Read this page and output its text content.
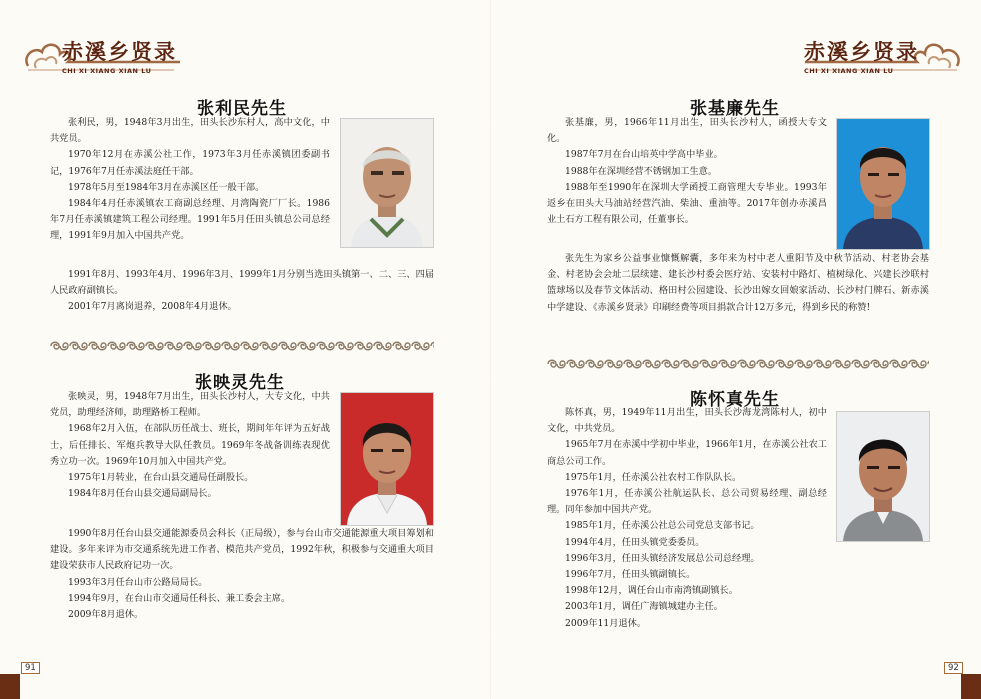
赤溪乡贤录
CHI XI XIANG XIAN LU
张利民先生

张利民，男，1948年3月出生，田头长沙东村人，高中文化，中共党员。

1970年12月在赤溪公社工作，1973年3月任赤溪镇团委副书记，1976年7月任赤溪法庭任干部。

1978年5月至1984年3月在赤溪区任一般干部。

1984年4月任赤溪镇农工商副总经理、月湾陶瓷厂厂长。1986年7月任赤溪镇建筑工程公司经理。1991年5月任田头镇总公司总经理，1991年9月加入中国共产党。

1991年8月、1993年4月、1996年3月、1999年1月分别当选田头镇第一、二、三、四届人民政府副镇长。

2001年7月离岗退养，2008年4月退休。

张映灵先生

张映灵，男，1948年7月出生，田头长沙村人，大专文化，中共党员，助理经济师，助理路桥工程师。

1968年2月入伍，在部队历任战士、班长，期间年年评为五好战士，后任排长、军炮兵教导大队任教员。1969年冬战备训练表现优秀立功一次。1969年10月加入中国共产党。

1975年1月转业，在台山县交通局任副股长。

1984年8月任台山县交通局副局长。

1990年8月任台山县交通能源委员会科长（正局级），参与台山市交通能源重大项目筹划和建设。多年来评为市交通系统先进工作者、模范共产党员，1992年秋，积极参与交通重大项目建设荣获市人民政府记功一次。

1993年3月任台山市公路局局长。

1994年9月，在台山市交通局任科长、兼工委会主席。

2009年8月退休。

91
赤溪乡贤录
CHI XI XIANG XIAN LU
张基廉先生

张基廉，男，1966年11月出生，田头长沙村人，函授大专文化。

1987年7月在台山培英中学高中毕业。

1988年在深圳经营不锈钢加工生意。

1988年至1990年在深圳大学函授工商管理大专毕业。1993年返乡在田头大马油站经营汽油、柴油、重油等。2017年创办赤溪昌业土石方工程有限公司，任董事长。

张先生为家乡公益事业慷慨解囊，多年来为村中老人重阳节及中秋节活动、村老协会基金、村老协会会址二层续建、建长沙村委会医疗站、安装村中路灯、植树绿化、兴建长沙联村篮球场以及春节文体活动、格田村公园建设、长沙出嫁女回娘家活动、长沙村门牌石、新赤溪中学建设、《赤溪乡贤录》印刷经费等项目捐款合计12万多元，得到乡民的称赞!

陈怀真先生

陈怀真，男，1949年11月出生，田头长沙海龙湾陈村人，初中文化，中共党员。

1965年7月在赤溪中学初中毕业，1966年1月，在赤溪公社农工商总公司工作。

1975年1月，任赤溪公社农村工作队队长。

1976年1月，任赤溪公社航运队长、总公司贸易经理、副总经理。同年参加中国共产党。

1985年1月，任赤溪公社总公司党总支部书记。

1994年4月，任田头镇党委委员。

1996年3月，任田头镇经济发展总公司总经理。

1996年7月，任田头镇副镇长。

1998年12月，调任台山市南湾镇副镇长。

2003年1月，调任广海镇城建办主任。

2009年11月退休。

92
